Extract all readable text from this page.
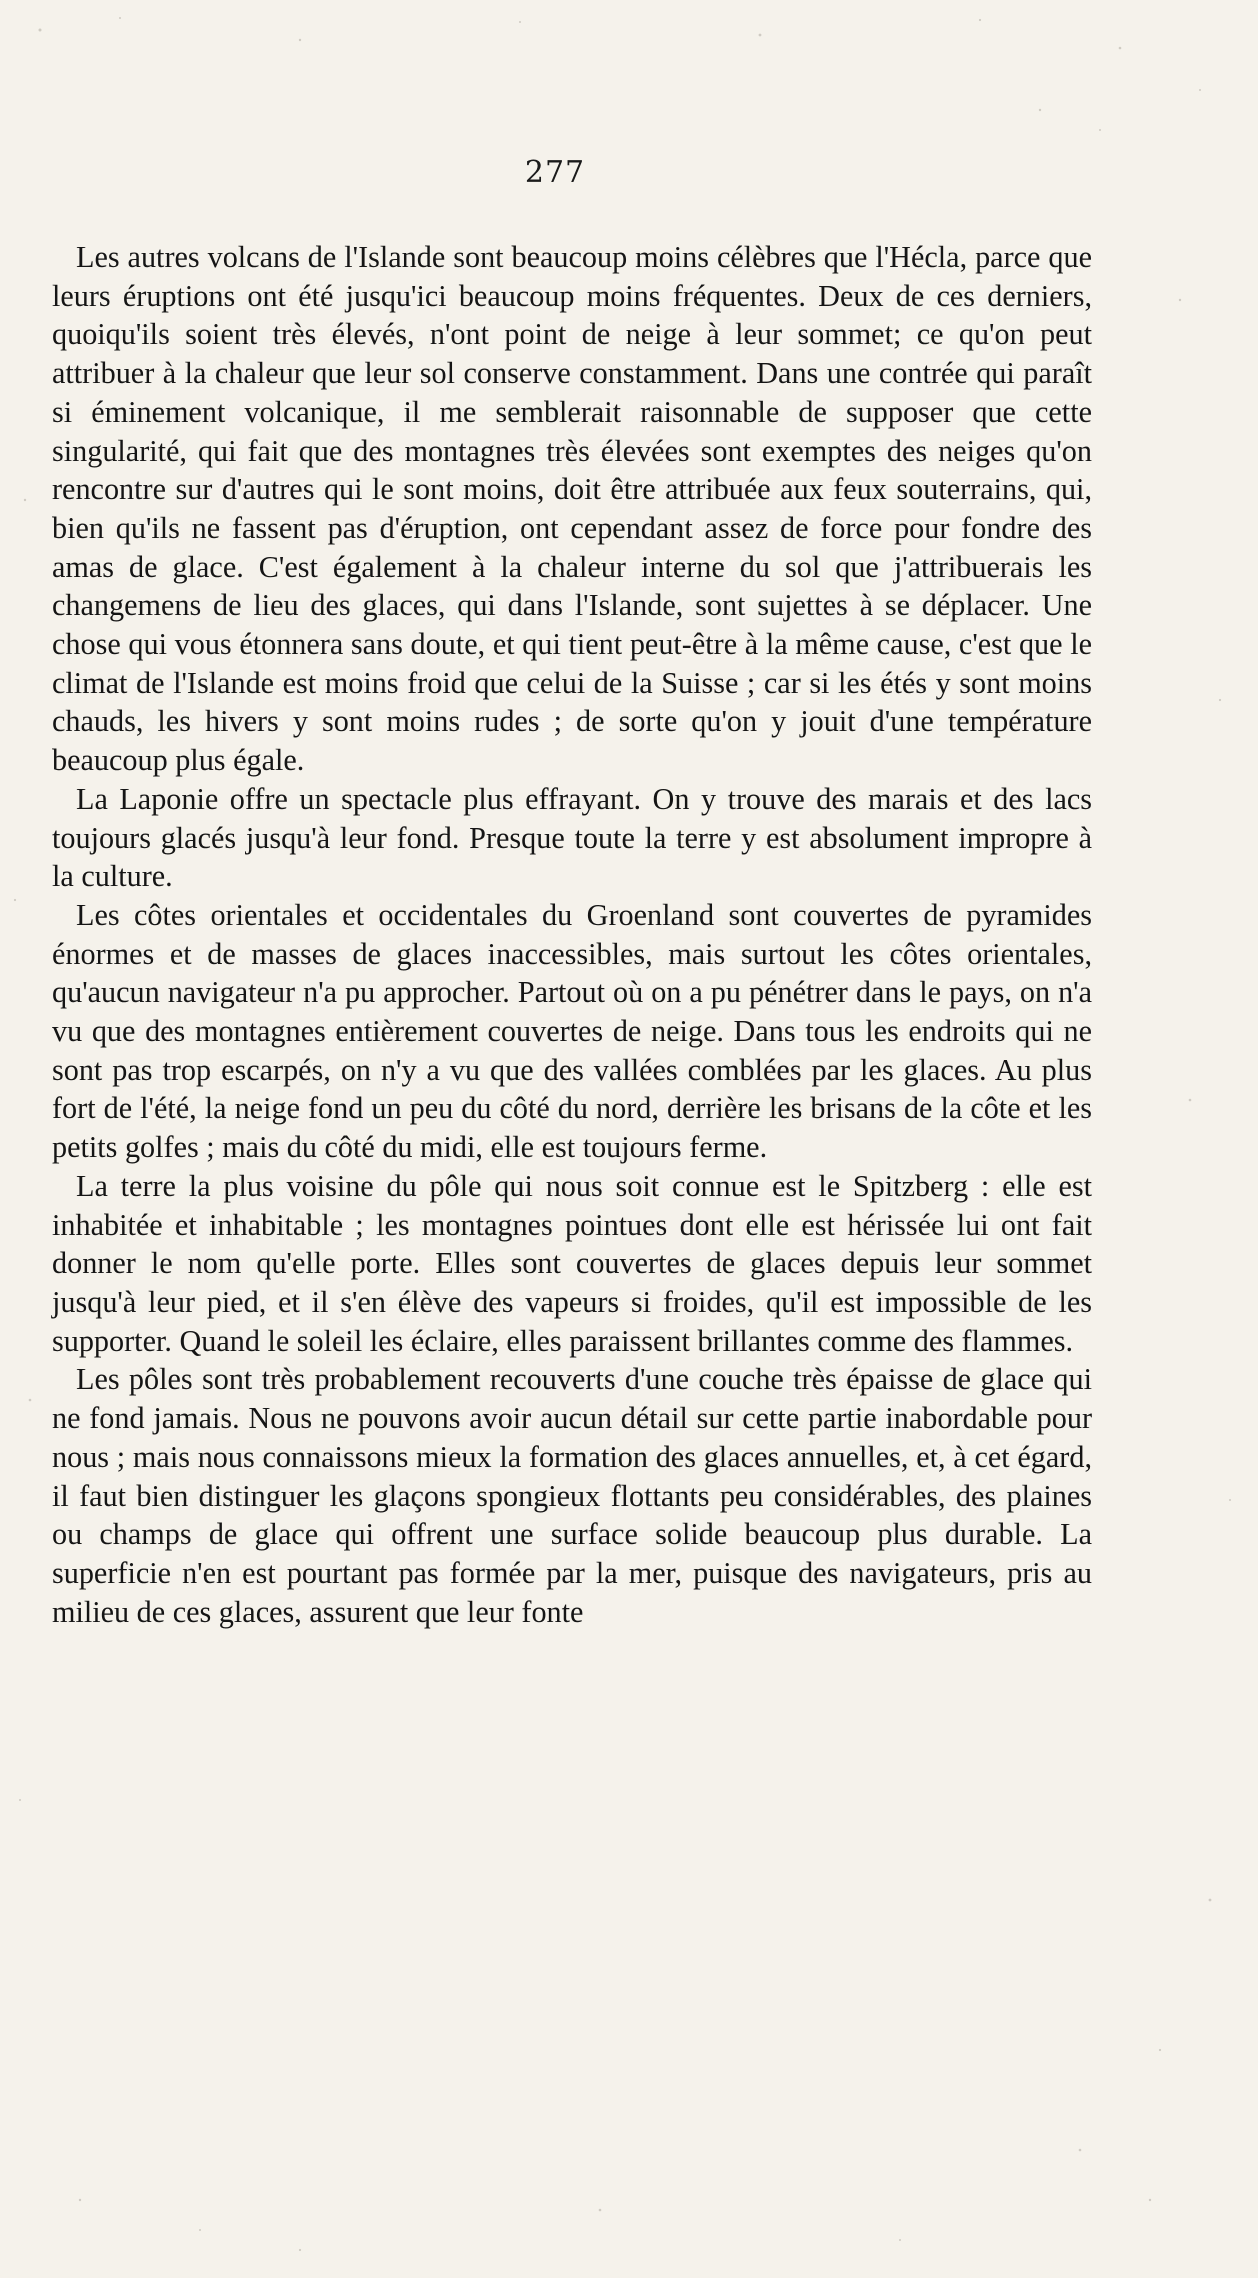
277

Les autres volcans de l'Islande sont beaucoup moins célèbres que l'Hécla, parce que leurs éruptions ont été jusqu'ici beaucoup moins fréquentes. Deux de ces derniers, quoiqu'ils soient très élevés, n'ont point de neige à leur sommet; ce qu'on peut attribuer à la chaleur que leur sol conserve constamment. Dans une contrée qui paraît si éminement volcanique, il me semblerait raisonnable de supposer que cette singularité, qui fait que des montagnes très élevées sont exemptes des neiges qu'on rencontre sur d'autres qui le sont moins, doit être attribuée aux feux souterrains, qui, bien qu'ils ne fassent pas d'éruption, ont cependant assez de force pour fondre des amas de glace. C'est également à la chaleur interne du sol que j'attribuerais les changemens de lieu des glaces, qui dans l'Islande, sont sujettes à se déplacer. Une chose qui vous étonnera sans doute, et qui tient peut-être à la même cause, c'est que le climat de l'Islande est moins froid que celui de la Suisse ; car si les étés y sont moins chauds, les hivers y sont moins rudes ; de sorte qu'on y jouit d'une température beaucoup plus égale.

La Laponie offre un spectacle plus effrayant. On y trouve des marais et des lacs toujours glacés jusqu'à leur fond. Presque toute la terre y est absolument impropre à la culture.

Les côtes orientales et occidentales du Groenland sont couvertes de pyramides énormes et de masses de glaces inaccessibles, mais surtout les côtes orientales, qu'aucun navigateur n'a pu approcher. Partout où on a pu pénétrer dans le pays, on n'a vu que des montagnes entièrement couvertes de neige. Dans tous les endroits qui ne sont pas trop escarpés, on n'y a vu que des vallées comblées par les glaces. Au plus fort de l'été, la neige fond un peu du côté du nord, derrière les brisans de la côte et les petits golfes ; mais du côté du midi, elle est toujours ferme.

La terre la plus voisine du pôle qui nous soit connue est le Spitzberg : elle est inhabitée et inhabitable ; les montagnes pointues dont elle est hérissée lui ont fait donner le nom qu'elle porte. Elles sont couvertes de glaces depuis leur sommet jusqu'à leur pied, et il s'en élève des vapeurs si froides, qu'il est impossible de les supporter. Quand le soleil les éclaire, elles paraissent brillantes comme des flammes.

Les pôles sont très probablement recouverts d'une couche très épaisse de glace qui ne fond jamais. Nous ne pouvons avoir aucun détail sur cette partie inabordable pour nous ; mais nous connaissons mieux la formation des glaces annuelles, et, à cet égard, il faut bien distinguer les glaçons spongieux flottants peu considérables, des plaines ou champs de glace qui offrent une surface solide beaucoup plus durable. La superficie n'en est pourtant pas formée par la mer, puisque des navigateurs, pris au milieu de ces glaces, assurent que leur fonte
